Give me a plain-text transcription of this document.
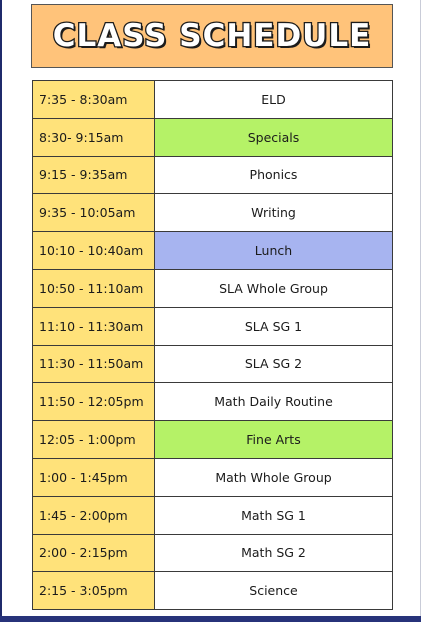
CLASS SCHEDULE
7:35 - 8:30am	ELD
8:30- 9:15am	Specials
9:15 - 9:35am	Phonics
9:35 - 10:05am	Writing
10:10 - 10:40am	Lunch
10:50 - 11:10am	SLA Whole Group
11:10 - 11:30am	SLA SG 1
11:30 - 11:50am	SLA SG 2
11:50 - 12:05pm	Math Daily Routine
12:05 - 1:00pm	Fine Arts
1:00 - 1:45pm	Math Whole Group
1:45 - 2:00pm	Math SG 1
2:00 - 2:15pm	Math SG 2
2:15 - 3:05pm	Science
